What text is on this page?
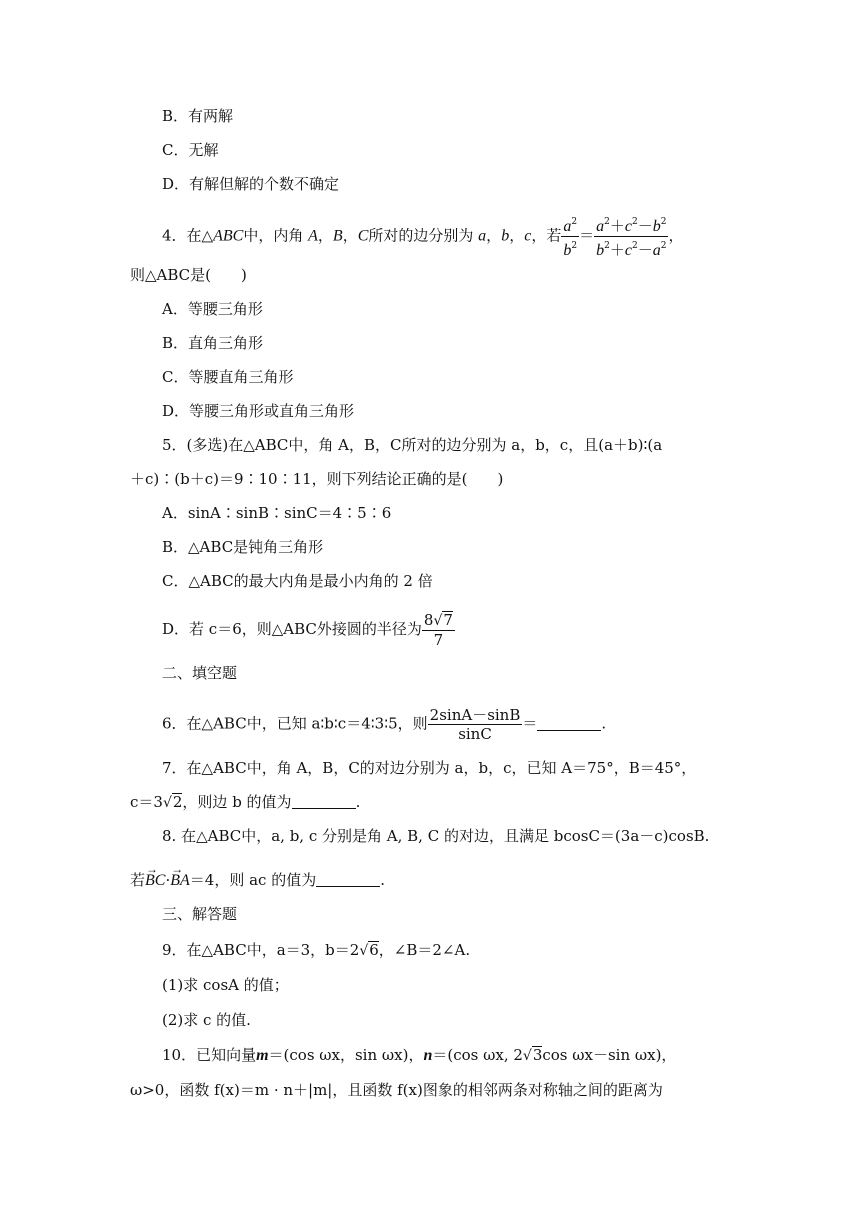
B．有两解
C．无解
D．有解但解的个数不确定
4．在△ABC中，内角 A，B，C所对的边分别为 a，b，c，若 $\frac{a^2}{b^2} = \frac{a^2+c^2-b^2}{b^2+c^2-a^2}$ ，
则△ABC是(　　)
A．等腰三角形
B．直角三角形
C．等腰直角三角形
D．等腰三角形或直角三角形
5．(多选)在△ABC中，角 A，B，C所对的边分别为 a，b，c，且(a＋b)∶(a
＋c)∶(b＋c)＝9∶10∶11，则下列结论正确的是(　　)
A．sinA∶sinB∶sinC＝4∶5∶6
B．△ABC是钝角三角形
C．△ABC的最大内角是最小内角的 2 倍
D．若 c＝6，则△ABC外接圆的半径为 $\frac{8√7}{7}$
二、填空题
6．在△ABC中，已知 a∶b∶c＝4∶3∶5，则 $\frac{2\sin A-\sin B}{\sin C}$ ＝	.
7．在△ABC中，角 A，B，C的对边分别为 a，b，c，已知 A＝75°，B＝45°，
c＝3√2，则边 b 的值为	.
8. 在△ABC中，a, b, c 分别是角 A, B, C 的对边，且满足 bcosC＝(3a－c)cosB.
若→ BC·→ BA＝4，则 ac 的值为	.
三、解答题
9．在△ABC中，a＝3，b＝2√6，∠B＝2∠A.
(1)求 cosA 的值；
(2)求 c 的值.
10．已知向量m＝(cos ωx，sin ωx)，n＝(cos ωx, 2√3cos ωx－sin ωx)，
ω>0，函数 f(x)＝m · n＋|m|，且函数 f(x)图象的相邻两条对称轴之间的距离为
